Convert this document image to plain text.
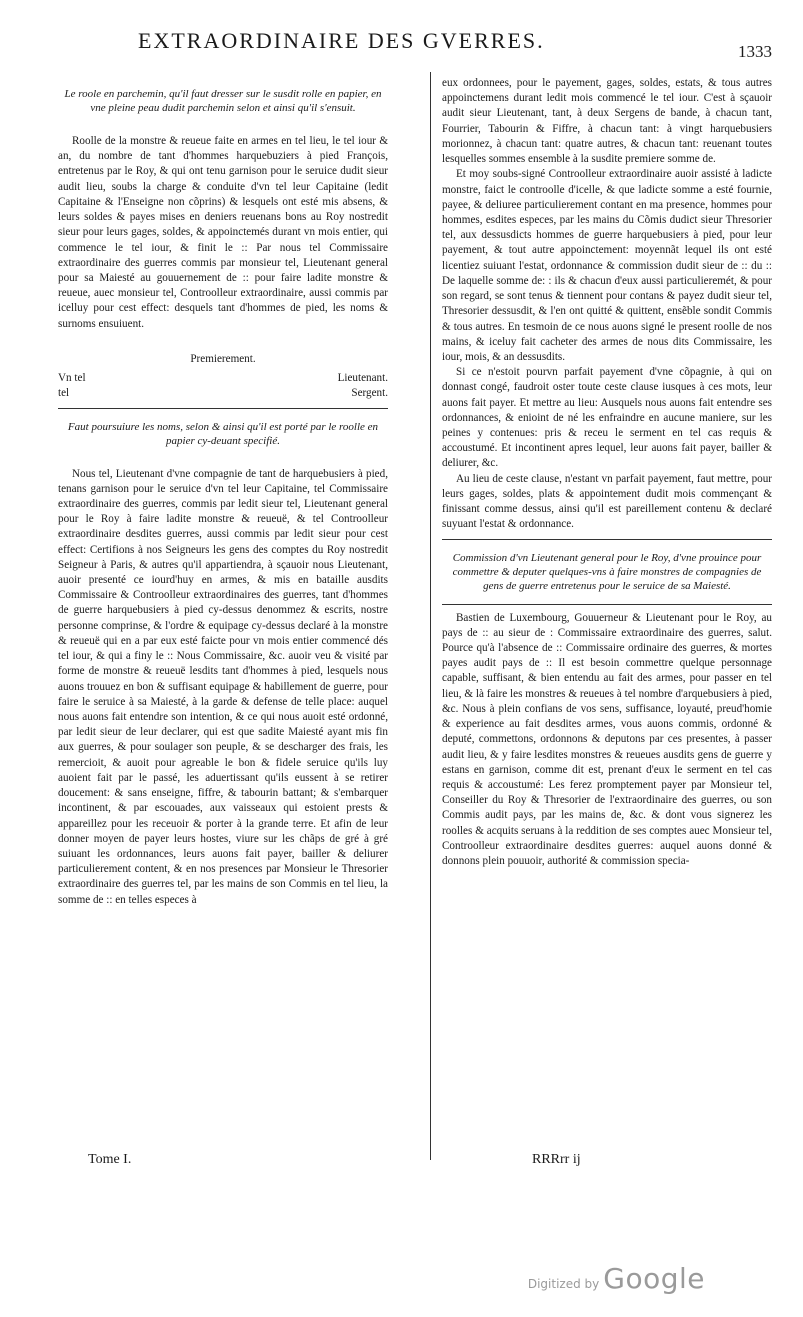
EXTRAORDINAIRE DES GVERRES.	1333

Le roole en parchemin, qu'il faut dresser sur le susdit rolle en papier, en vne pleine peau dudit parchemin selon et ainsi qu'il s'ensuit.

Roolle de la monstre & reueue faite en armes en tel lieu, le tel iour & an, du nombre de tant d'hommes harquebuziers à pied François, entretenus par le Roy, & qui ont tenu garnison pour le seruice dudit sieur audit lieu, soubs la charge & conduite d'vn tel leur Capitaine (ledit Capitaine & l'Enseigne non cõprins) & lesquels ont esté mis absens, & leurs soldes & payes mises en deniers reuenans bons au Roy nostredit sieur pour leurs gages, soldes, & appoinctemés durant vn mois entier, qui commence le tel iour, & finit le :: Par nous tel Commissaire extraordinaire des guerres commis par monsieur tel, Lieutenant general pour sa Maiesté au gouuernement de :: pour faire ladite monstre & reueue, auec monsieur tel, Controolleur extraordinaire, aussi commis par icelluy pour cest effect: desquels tant d'hommes de pied, les noms & surnoms ensuiuent.

Premierement.

Vn tel	Lieutenant.
tel	Sergent.

Faut poursuiure les noms, selon & ainsi qu'il est porté par le roolle en papier cy-deuant specifié.

Nous tel, Lieutenant d'vne compagnie de tant de harquebusiers à pied, tenans garnison pour le seruice d'vn tel leur Capitaine, tel Commissaire extraordinaire des guerres, commis par ledit sieur tel, Lieutenant general pour le Roy à faire ladite monstre & reueuë, & tel Controolleur extraordinaire desdites guerres, aussi commis par ledit sieur pour cest effect: Certifions à nos Seigneurs les gens des comptes du Roy nostredit Seigneur à Paris, & autres qu'il appartiendra, à sçauoir nous Lieutenant, auoir presenté ce iourd'huy en armes, & mis en bataille ausdits Commissaire & Controolleur extraordinaires des guerres, tant d'hommes de guerre harquebusiers à pied cy-dessus denommez & escrits, nostre personne comprinse, & l'ordre & equipage cy-dessus declaré à la monstre & reueuë qui en a par eux esté faicte pour vn mois entier commencé dés tel iour, & qui a finy le :: Nous Commissaire, &c. auoir veu & visité par forme de monstre & reueuë lesdits tant d'hommes à pied, lesquels nous auons trouuez en bon & suffisant equipage & habillement de guerre, pour faire le seruice à sa Maiesté, à la garde & defense de telle place: auquel nous auons fait entendre son intention, & ce qui nous auoit esté ordonné, par ledit sieur de leur declarer, qui est que sadite Maiesté ayant mis fin aux guerres, & pour soulager son peuple, & se descharger des frais, les remercioit, & auoit pour agreable le bon & fidele seruice qu'ils luy auoient fait par le passé, les aduertissant qu'ils eussent à se retirer doucement: & sans enseigne, fiffre, & tabourin battant; & s'embarquer incontinent, & par escouades, aux vaisseaux qui estoient prests & appareillez pour les receuoir & porter à la grande terre. Et afin de leur donner moyen de payer leurs hostes, viure sur les chãps de gré à gré suiuant les ordonnances, leurs auons fait payer, bailler & deliurer particulierement content, & en nos presences par Monsieur le Thresorier extraordinaire des guerres tel, par les mains de son Commis en tel lieu, la somme de :: en telles especes à

eux ordonnees, pour le payement, gages, soldes, estats, & tous autres appoinctemens durant ledit mois commencé le tel iour. C'est à sçauoir audit sieur Lieutenant, tant, à deux Sergens de bande, à chacun tant, Fourrier, Tabourin & Fiffre, à chacun tant: à vingt harquebusiers morionnez, à chacun tant: quatre autres, & chacun tant: reuenant toutes lesquelles sommes ensemble à la susdite premiere somme de.

Et moy soubs-signé Controolleur extraordinaire auoir assisté à ladicte monstre, faict le controolle d'icelle, & que ladicte somme a esté fournie, payee, & deliuree particulierement contant en ma presence, hommes pour hommes, esdites especes, par les mains du Cõmis dudict sieur Thresorier tel, aux dessusdicts hommes de guerre harquebusiers à pied, pour leur payement, & tout autre appoinctement: moyennãt lequel ils ont esté licentiez suiuant l'estat, ordonnance & commission dudit sieur de :: du :: De laquelle somme de: : ils & chacun d'eux aussi particulieremét, & pour son regard, se sont tenus & tiennent pour contans & payez dudit sieur tel, Thresorier dessusdit, & l'en ont quitté & quittent, ensẽble sondit Commis & tous autres. En tesmoin de ce nous auons signé le present roolle de nos mains, & iceluy fait cacheter des armes de nous dits Commissaire, les iour, mois, & an dessusdits.

Si ce n'estoit pourvn parfait payement d'vne cõpagnie, à qui on donnast congé, faudroit oster toute ceste clause iusques à ces mots, leur auons fait payer. Et mettre au lieu: Ausquels nous auons fait entendre ses ordonnances, & enioint de né les enfraindre en aucune maniere, sur les peines y contenues: pris & receu le serment en tel cas requis & accoustumé. Et incontinent apres lequel, leur auons fait payer, bailler & deliurer, &c.

Au lieu de ceste clause, n'estant vn parfait payement, faut mettre, pour leurs gages, soldes, plats & appointement dudit mois commençant & finissant comme dessus, ainsi qu'il est pareillement contenu & declaré suyuant l'estat & ordonnance.

Commission d'vn Lieutenant general pour le Roy, d'vne prouince pour commettre & deputer quelques-vns à faire monstres de compagnies de gens de guerre entretenus pour le seruice de sa Maiesté.

Bastien de Luxembourg, Gouuerneur & Lieutenant pour le Roy, au pays de :: au sieur de : Commissaire extraordinaire des guerres, salut. Pource qu'à l'absence de :: Commissaire ordinaire des guerres, & mortes payes audit pays de :: Il est besoin commettre quelque personnage capable, suffisant, & bien entendu au fait des armes, pour passer en tel lieu, & là faire les monstres & reueues à tel nombre d'arquebusiers à pied, &c. Nous à plein confians de vos sens, suffisance, loyauté, preud'homie & experience au fait desdites armes, vous auons commis, ordonné & deputé, commettons, ordonnons & deputons par ces presentes, à passer audit lieu, & y faire lesdites monstres & reueues ausdits gens de guerre y estans en garnison, comme dit est, prenant d'eux le serment en tel cas requis & accoustumé: Les ferez promptement payer par Monsieur tel, Conseiller du Roy & Thresorier de l'extraordinaire des guerres, ou son Commis audit pays, par les mains de, &c. & dont vous signerez les roolles & acquits seruans à la reddition de ses comptes auec Monsieur tel, Controolleur extraordinaire desdites guerres: auquel auons donné & donnons plein pouuoir, authorité & commission specia-

Tome I.	RRRrr ij
Digitized by Google
